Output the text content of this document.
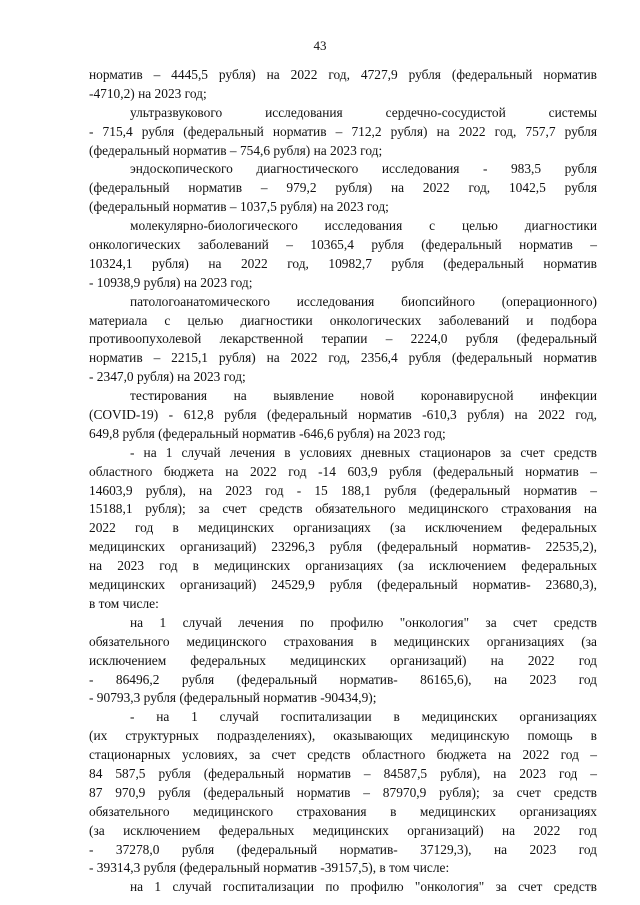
43
норматив – 4445,5 рубля) на 2022 год, 4727,9 рубля (федеральный норматив
-4710,2) на 2023 год;
ультразвукового исследования сердечно-сосудистой системы
- 715,4 рубля (федеральный норматив – 712,2 рубля) на 2022 год, 757,7 рубля
(федеральный норматив – 754,6 рубля) на 2023 год;
эндоскопического диагностического исследования - 983,5 рубля
(федеральный норматив – 979,2 рубля) на 2022 год, 1042,5 рубля
(федеральный норматив – 1037,5 рубля) на 2023 год;
молекулярно-биологического исследования с целью диагностики
онкологических заболеваний – 10365,4 рубля (федеральный норматив –
10324,1 рубля) на 2022 год, 10982,7 рубля (федеральный норматив
- 10938,9 рубля) на 2023 год;
патологоанатомического исследования биопсийного (операционного)
материала с целью диагностики онкологических заболеваний и подбора
противоопухолевой лекарственной терапии – 2224,0 рубля (федеральный
норматив – 2215,1 рубля) на 2022 год, 2356,4 рубля (федеральный норматив
- 2347,0 рубля) на 2023 год;
тестирования на выявление новой коронавирусной инфекции
(COVID-19) - 612,8 рубля (федеральный норматив -610,3 рубля) на 2022 год,
649,8 рубля (федеральный норматив -646,6 рубля) на 2023 год;
- на 1 случай лечения в условиях дневных стационаров за счет средств
областного бюджета на 2022 год -14 603,9 рубля (федеральный норматив –
14603,9 рубля), на 2023 год - 15 188,1 рубля (федеральный норматив –
15188,1 рубля); за счет средств обязательного медицинского страхования на
2022 год в медицинских организациях (за исключением федеральных
медицинских организаций) 23296,3 рубля (федеральный норматив- 22535,2),
на 2023 год в медицинских организациях (за исключением федеральных
медицинских организаций) 24529,9 рубля (федеральный норматив- 23680,3),
в том числе:
на 1 случай лечения по профилю "онкология" за счет средств
обязательного медицинского страхования в медицинских организациях (за
исключением федеральных медицинских организаций) на 2022 год
- 86496,2 рубля (федеральный норматив- 86165,6), на 2023 год
- 90793,3 рубля (федеральный норматив -90434,9);
- на 1 случай госпитализации в медицинских организациях
(их структурных подразделениях), оказывающих медицинскую помощь в
стационарных условиях, за счет средств областного бюджета на 2022 год –
84 587,5 рубля (федеральный норматив – 84587,5 рубля), на 2023 год –
87 970,9 рубля (федеральный норматив – 87970,9 рубля); за счет средств
обязательного медицинского страхования в медицинских организациях
(за исключением федеральных медицинских организаций) на 2022 год
- 37278,0 рубля (федеральный норматив- 37129,3), на 2023 год
- 39314,3 рубля (федеральный норматив -39157,5), в том числе:
на 1 случай госпитализации по профилю "онкология" за счет средств
